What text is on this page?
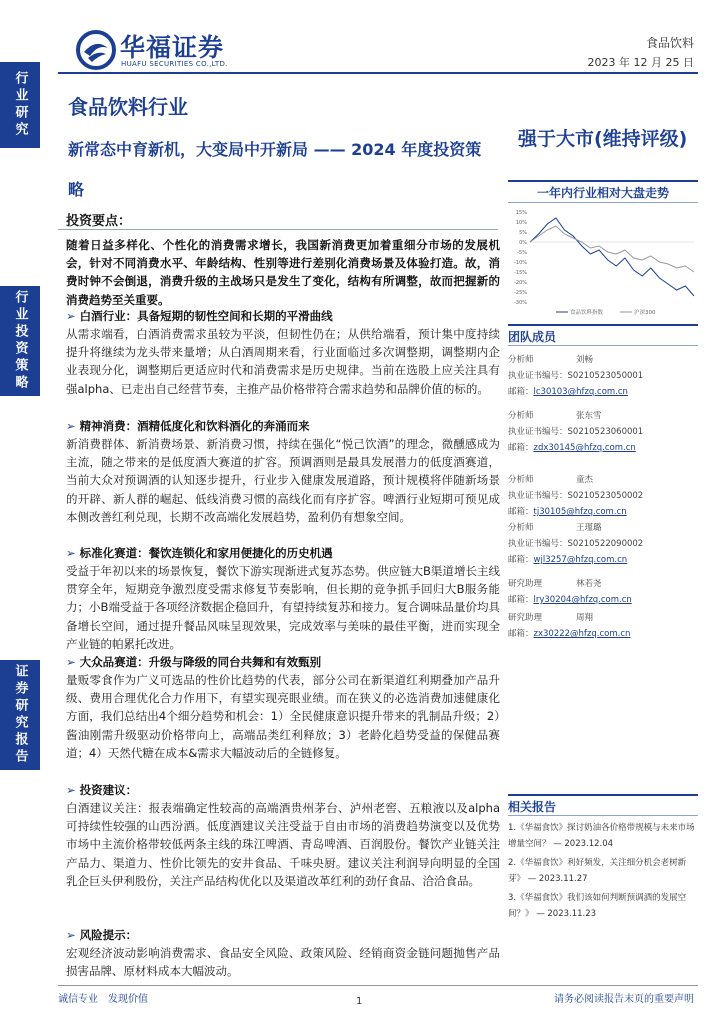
华福证券
HUAFU SECURITIES CO.,LTD.
食品饮料
2023 年 12 月 25 日
行业研究
行业投资策略
证券研究报告
食品饮料行业
新常态中育新机，大变局中开新局 —— 2024 年度投资策略
强于大市(维持评级)
一年内行业相对大盘走势
15%
10%
5%
0%
-5%
-10%
-15%
-20%
-25%
-30%
食品饮料指数	沪深300
团队成员
分析师	刘畅
执业证书编号：S0210523050001
邮箱：lc30103@hfzq.com.cn
分析师	张东雪
执业证书编号：S0210523060001
邮箱：zdx30145@hfzq.com.cn
分析师	童杰
执业证书编号：S0210523050002
邮箱：tj30105@hfzq.com.cn
分析师	王瑾璐
执业证书编号：S0210522090002
邮箱：wjl3257@hfzq.com.cn
研究助理	林若尧
邮箱：lry30204@hfzq.com.cn
研究助理	周翔
邮箱：zx30222@hfzq.com.cn
相关报告
1.《华福食饮》探讨奶油各价格带规模与未来市场增量空间？ — 2023.12.04
2.《华福食饮》利好频发，关注细分机会老树新芽》 — 2023.11.27
3.《华福食饮》我们该如何判断预调酒的发展空间？》 — 2023.11.23
投资要点：
随着日益多样化、个性化的消费需求增长，我国新消费更加着重细分市场的发展机会，针对不同消费水平、年龄结构、性别等进行差别化消费场景及体验打造。故，消费时钟不会倒退，消费升级的主战场只是发生了变化，结构有所调整，故而把握新的消费趋势至关重要。
➢ 白酒行业：具备短期的韧性空间和长期的平滑曲线
从需求端看，白酒消费需求虽较为平淡，但韧性仍在；从供给端看，预计集中度持续提升将继续为龙头带来量增；从白酒周期来看，行业面临过多次调整期，调整期内企业表现分化，调整期后更适应时代和消费需求是历史规律。当前在选股上应关注具有强alpha、已走出自己经营节奏，主推产品价格带符合需求趋势和品牌价值的标的。
➢ 精神消费：酒精低度化和饮料酒化的奔涌而来
新消费群体、新消费场景、新消费习惯，持续在强化“悦己饮酒”的理念，微醺感成为主流，随之带来的是低度酒大赛道的扩容。预调酒则是最具发展潜力的低度酒赛道，当前大众对预调酒的认知逐步提升，行业步入健康发展道路，预计规模将伴随新场景的开辟、新人群的崛起、低线消费习惯的高线化而有序扩容。啤酒行业短期可预见成本侧改善红利兑现，长期不改高端化发展趋势，盈利仍有想象空间。
➢ 标准化赛道：餐饮连锁化和家用便捷化的历史机遇
受益于年初以来的场景恢复，餐饮下游实现渐进式复苏态势。供应链大B渠道增长主线贯穿全年，短期竞争激烈度受需求修复节奏影响，但长期的竞争抓手回归大B服务能力；小B端受益于各项经济数据企稳回升，有望持续复苏和接力。复合调味品量价均具备增长空间，通过提升餐品风味呈现效果，完成效率与美味的最佳平衡，进而实现全产业链的帕累托改进。
➢ 大众品赛道：升级与降级的同台共舞和有效甄别
量贩零食作为广义可选品的性价比趋势的代表，部分公司在新渠道红利期叠加产品升级、费用合理优化合力作用下，有望实现亮眼业绩。而在狭义的必选消费加速健康化方面，我们总结出4个细分趋势和机会：1）全民健康意识提升带来的乳制品升级；2）酱油刚需升级驱动价格带向上，高端品类红利释放；3）老龄化趋势受益的保健品赛道；4）天然代糖在成本&需求大幅波动后的全链修复。
➢ 投资建议：
白酒建议关注：报表端确定性较高的高端酒贵州茅台、泸州老窖、五粮液以及alpha可持续性较强的山西汾酒。低度酒建议关注受益于自由市场的消费趋势演变以及优势市场中主流价格带较低两条主线的珠江啤酒、青岛啤酒、百润股份。餐饮产业链关注产品力、渠道力、性价比领先的安井食品、千味央厨。建议关注利润导向明显的全国乳企巨头伊利股份，关注产品结构优化以及渠道改革红利的劲仔食品、洽洽食品。
➢ 风险提示：
宏观经济波动影响消费需求、食品安全风险、政策风险、经销商资金链问题抛售产品损害品牌、原材料成本大幅波动。
诚信专业　发现价值	1	请务必阅读报告末页的重要声明
